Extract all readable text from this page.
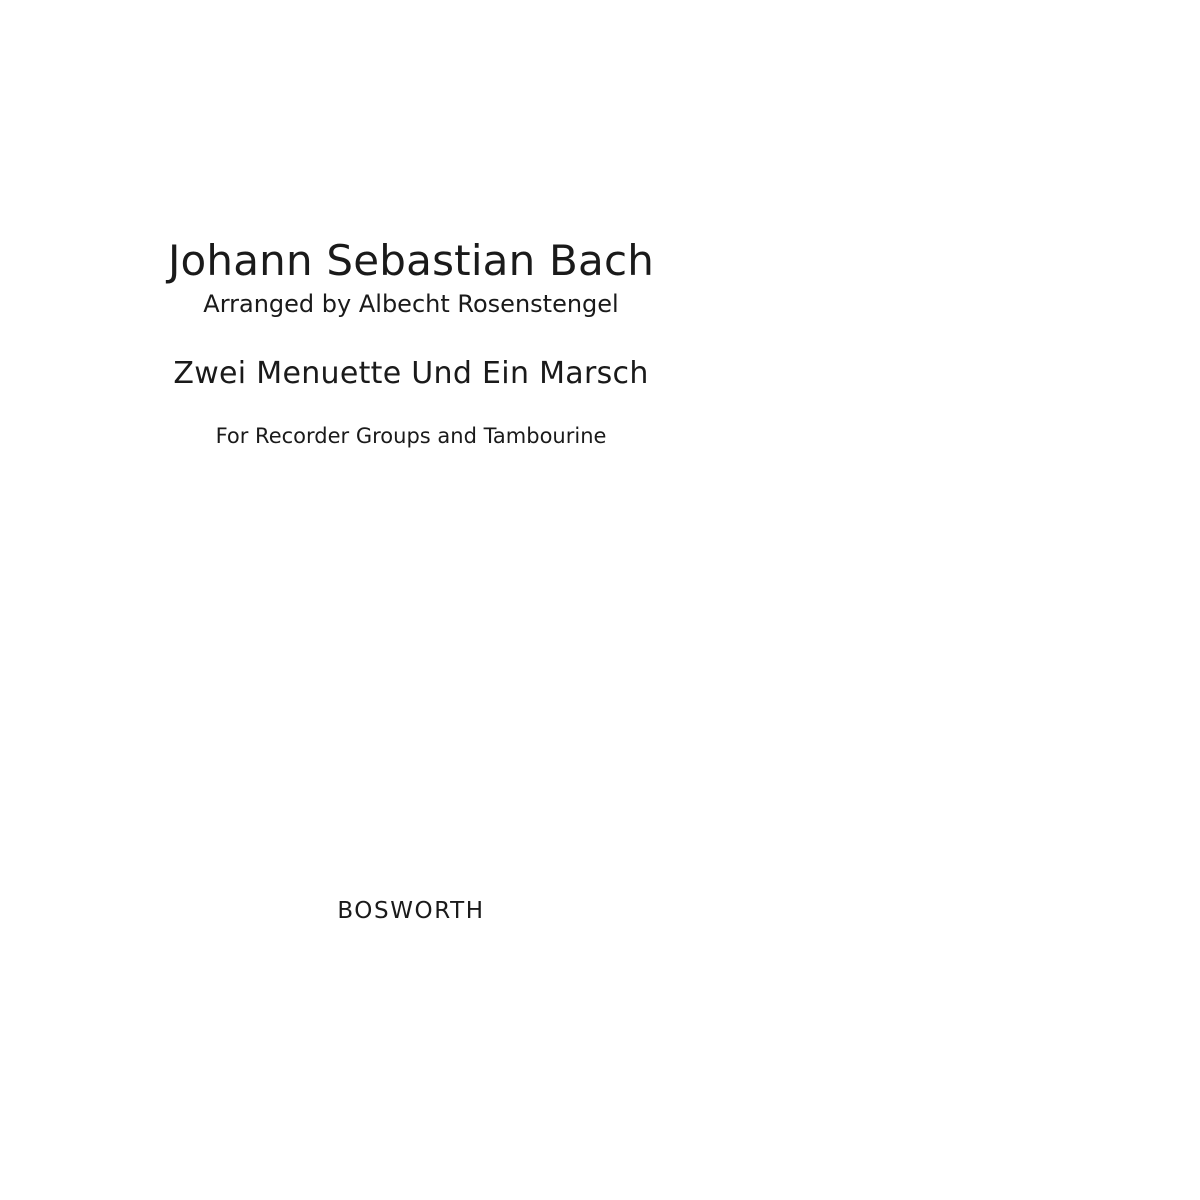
Johann Sebastian Bach
Arranged by Albecht Rosenstengel
Zwei Menuette Und Ein Marsch
For Recorder Groups and Tambourine
BOSWORTH
